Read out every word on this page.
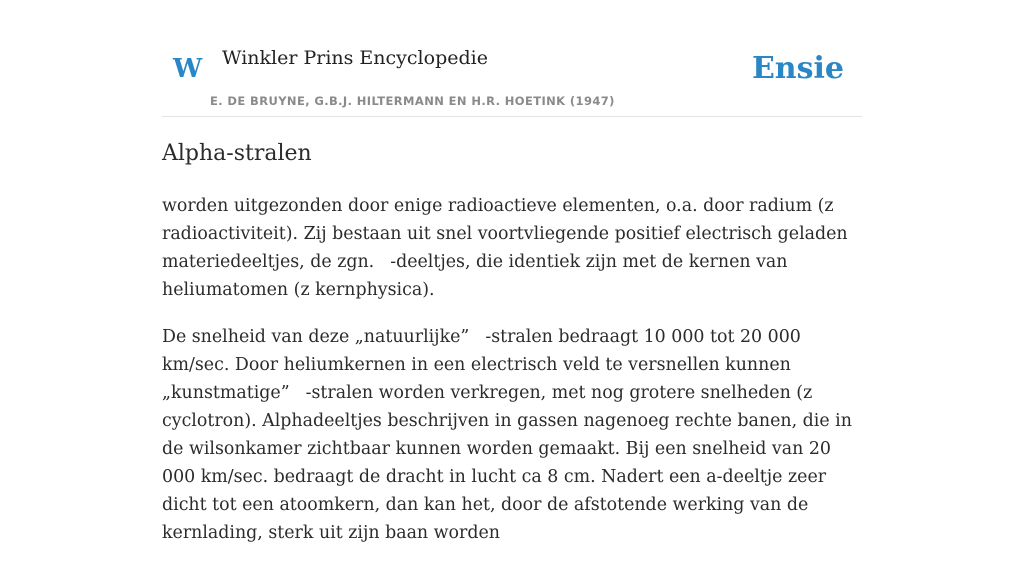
W Winkler Prins Encyclopedie
E. DE BRUYNE, G.B.J. HILTERMANN EN H.R. HOETINK (1947)
Ensie
Alpha-stralen

worden uitgezonden door enige radioactieve elementen, o.a. door radium (z radioactiviteit). Zij bestaan uit snel voortvliegende positief electrisch geladen materiedeeltjes, de zgn. -deeltjes, die identiek zijn met de kernen van heliumatomen (z kernphysica).

De snelheid van deze „natuurlijke” -stralen bedraagt 10 000 tot 20 000 km/sec. Door heliumkernen in een electrisch veld te versnellen kunnen „kunstmatige” -stralen worden verkregen, met nog grotere snelheden (z cyclotron). Alphadeeltjes beschrijven in gassen nagenoeg rechte banen, die in de wilsonkamer zichtbaar kunnen worden gemaakt. Bij een snelheid van 20 000 km/sec. bedraagt de dracht in lucht ca 8 cm. Nadert een a-deeltje zeer dicht tot een atoomkern, dan kan het, door de afstotende werking van de kernlading, sterk uit zijn baan worden
